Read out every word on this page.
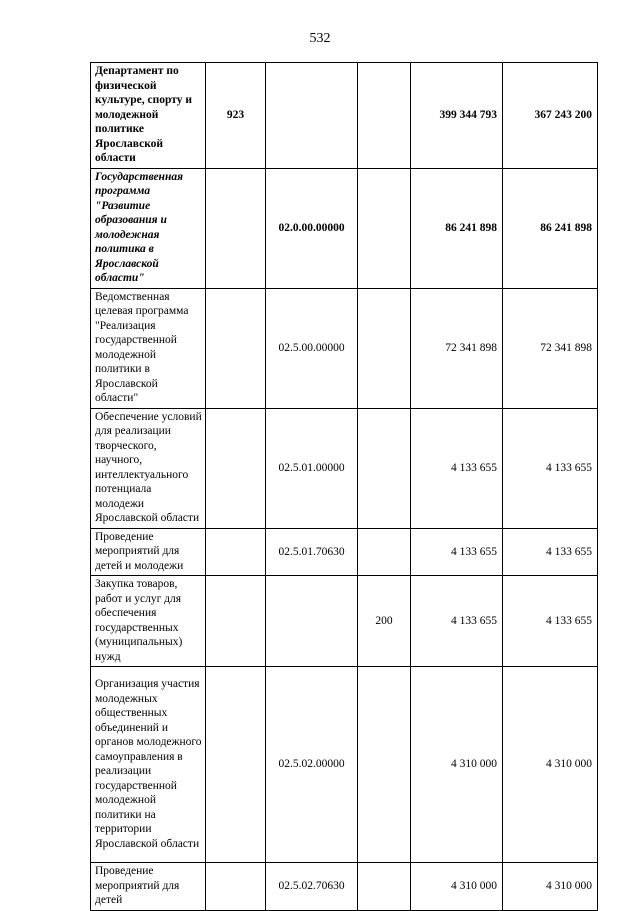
532
Департамент по физической культуре, спорту и молодежной политике Ярославской области	923			399 344 793	367 243 200
Государственная программа "Развитие образования и молодежная политика в Ярославской области"		02.0.00.00000		86 241 898	86 241 898
Ведомственная целевая программа "Реализация государственной молодежной политики в Ярославской области"		02.5.00.00000		72 341 898	72 341 898
Обеспечение условий для реализации творческого, научного, интеллектуального потенциала молодежи Ярославской области		02.5.01.00000		4 133 655	4 133 655
Проведение мероприятий для детей и молодежи		02.5.01.70630		4 133 655	4 133 655
Закупка товаров, работ и услуг для обеспечения государственных (муниципальных) нужд			200	4 133 655	4 133 655
Организация участия молодежных общественных объединений и органов молодежного самоуправления в реализации государственной молодежной политики на территории Ярославской области		02.5.02.00000		4 310 000	4 310 000
Проведение мероприятий для детей		02.5.02.70630		4 310 000	4 310 000
